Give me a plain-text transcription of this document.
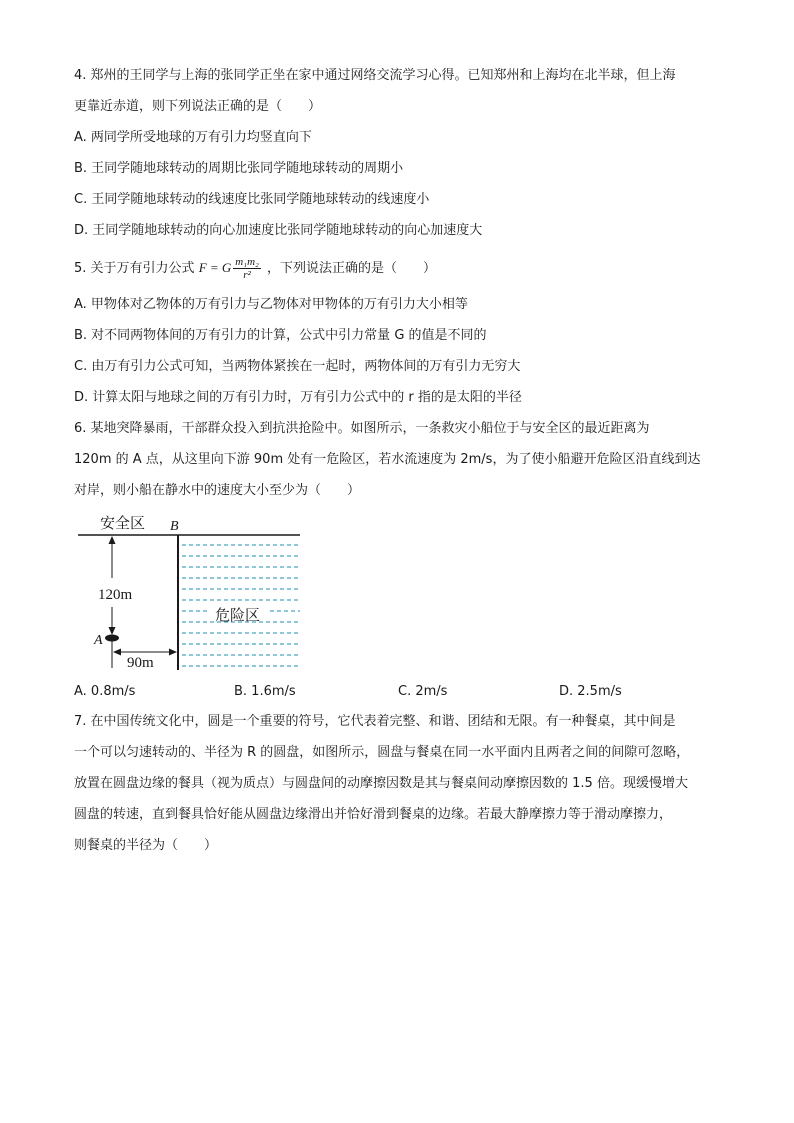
4. 郑州的王同学与上海的张同学正坐在家中通过网络交流学习心得。已知郑州和上海均在北半球，但上海
更靠近赤道，则下列说法正确的是（　　）
A. 两同学所受地球的万有引力均竖直向下
B. 王同学随地球转动的周期比张同学随地球转动的周期小
C. 王同学随地球转动的线速度比张同学随地球转动的线速度小
D. 王同学随地球转动的向心加速度比张同学随地球转动的向心加速度大
5. 关于万有引力公式 F = G $\frac{\text{m₁m₂}}{\text{r²}}$ ，下列说法正确的是（　　）
A. 甲物体对乙物体的万有引力与乙物体对甲物体的万有引力大小相等
B. 对不同两物体间的万有引力的计算，公式中引力常量 G 的值是不同的
C. 由万有引力公式可知，当两物体紧挨在一起时，两物体间的万有引力无穷大
D. 计算太阳与地球之间的万有引力时，万有引力公式中的 r 指的是太阳的半径
6. 某地突降暴雨，干部群众投入到抗洪抢险中。如图所示，一条救灾小船位于与安全区的最近距离为
120m 的 A 点，从这里向下游 90m 处有一危险区，若水流速度为 2m/s，为了使小船避开危险区沿直线到达
对岸，则小船在静水中的速度大小至少为（　　）
安全区 B
危险区
120m
A
90m
A. 0.8m/s	B. 1.6m/s	C. 2m/s	D. 2.5m/s
7. 在中国传统文化中，圆是一个重要的符号，它代表着完整、和谐、团结和无限。有一种餐桌，其中间是
一个可以匀速转动的、半径为 R 的圆盘，如图所示，圆盘与餐桌在同一水平面内且两者之间的间隙可忽略，
放置在圆盘边缘的餐具（视为质点）与圆盘间的动摩擦因数是其与餐桌间动摩擦因数的 1.5 倍。现缓慢增大
圆盘的转速，直到餐具恰好能从圆盘边缘滑出并恰好滑到餐桌的边缘。若最大静摩擦力等于滑动摩擦力，
则餐桌的半径为（　　）
